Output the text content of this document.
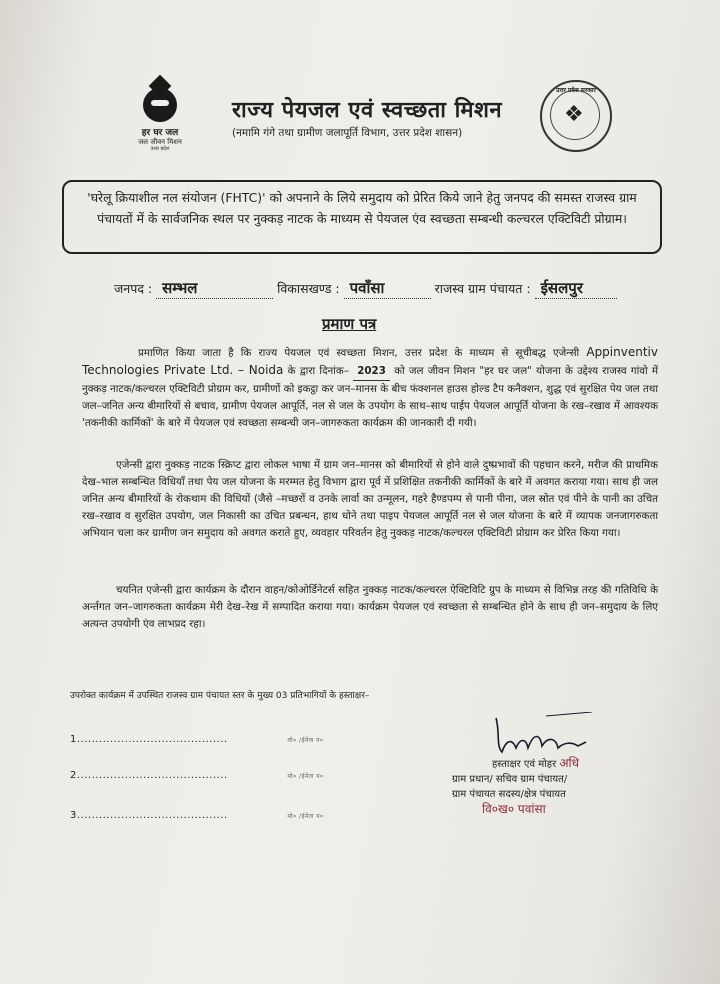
हर घर जल
जल जीवन मिशन
उत्तर प्रदेश
राज्य पेयजल एवं स्वच्छता मिशन
(नमामि गंगे तथा ग्रामीण जलापूर्ति विभाग, उत्तर प्रदेश शासन)
उत्तर प्रदेश सरकार
❖

'घरेलू क्रियाशील नल संयोजन (FHTC)' को अपनाने के लिये समुदाय को प्रेरित किये जाने हेतु जनपद की समस्त राजस्व ग्राम पंचायतों में के सार्वजनिक स्थल पर नुक्कड़ नाटक के माध्यम से पेयजल एंव स्वच्छता सम्बन्धी कल्चरल एक्टिविटी प्रोग्राम।

जनपद : सम्भल	विकासखण्ड : पवाँसा	राजस्व ग्राम पंचायत : ईसलपुर
प्रमाण पत्र
प्रमाणित किया जाता है कि राज्य पेयजल एवं स्वच्छता मिशन, उत्तर प्रदेश के माध्यम से सूचीबद्ध एजेन्सी Appinventiv Technologies Private Ltd. – Noida के द्वारा दिनांक– 2023 को जल जीवन मिशन "हर घर जल" योजना के उद्देश्य राजस्व गांवो में नुक्कड़ नाटक/कल्चरल एक्टिविटी प्रोग्राम कर, ग्रामीणों को इकट्ठा कर जन–मानस के बीच फंक्शनल हाउस होल्ड टैप कनैक्शन, शुद्ध एवं सुरक्षित पेय जल तथा जल–जनित अन्य बीमारियों से बचाव, ग्रामीण पेयजल आपूर्ति, नल से जल के उपयोग के साथ–साथ पाईप पेयजल आपूर्ति योजना के रख–रखाव में आवश्यक 'तकनीकी कार्मिकों' के बारे में पेयजल एवं स्वच्छता सम्बन्धी जन–जागरुकता कार्यक्रम की जानकारी दी गयी।
एजेन्सी द्वारा नुक्कड़ नाटक स्क्रिप्ट द्वारा लोकल भाषा में ग्राम जन–मानस को बीमारियों से होने वाले दुष्प्रभावों की पहचान करने, मरीज की प्राथमिक देख–भाल सम्बन्धित विधियाँ तथा पेय जल योजना के मरम्मत हेतु विभाग द्वारा पूर्व में प्रशिक्षित तकनीकी कार्मिकों के बारे में अवगत कराया गया। साथ ही जल जनित अन्य बीमारियों के रोकथाम की विधियों (जैसे –मच्छरों व उनके लार्वा का उन्मूलन, गहरे हैण्डपम्प से पानी पीना, जल स्रोत एवं पीने के पानी का उचित रख–रखाव व सुरक्षित उपयोग, जल निकासी का उचित प्रबन्धन, हाथ धोने तथा पाइप पेयजल आपूर्ति नल से जल योजना के बारे में व्यापक जनजागरुकता अभियान चला कर ग्रामीण जन समुदाय को अवगत कराते हुए, व्यवहार परिवर्तन हेतु नुक्कड़ नाटक/कल्चरल एक्टिविटी प्रोग्राम कर प्रेरित किया गया।
चयनित एजेन्सी द्वारा कार्यक्रम के दौरान वाहन/कोओर्डिनेटर्स सहित नुक्कड़ नाटक/कल्चरल ऐक्टिविटि ग्रुप के माध्यम से विभिन्न तरह की गतिविधि के अर्न्तगत जन–जागरुकता कार्यक्रम मेरी देख–रेख में सम्पादित कराया गया। कार्यक्रम पेयजल एवं स्वच्छता से सम्बन्धित होने के साथ ही जन–समुदाय के लिए अत्यन्त उपयोगी एंव लाभप्रद रहा।
उपरोक्त कार्यक्रम में उपस्थित राजस्व ग्राम पंचायत स्तर के मुख्य 03 प्रतिभागियों के हस्ताक्षर–
1.........................................	मो० /ईमेल न०
2.........................................	मो० /ईमेल न०
3.........................................	मो० /ईमेल न०
हस्ताक्षर एवं मोहर अधि
ग्राम प्रधान/ सचिव ग्राम पंचायत/
ग्राम पंचायत सदस्य/क्षेत्र पंचायत
वि०ख० पवांसा
